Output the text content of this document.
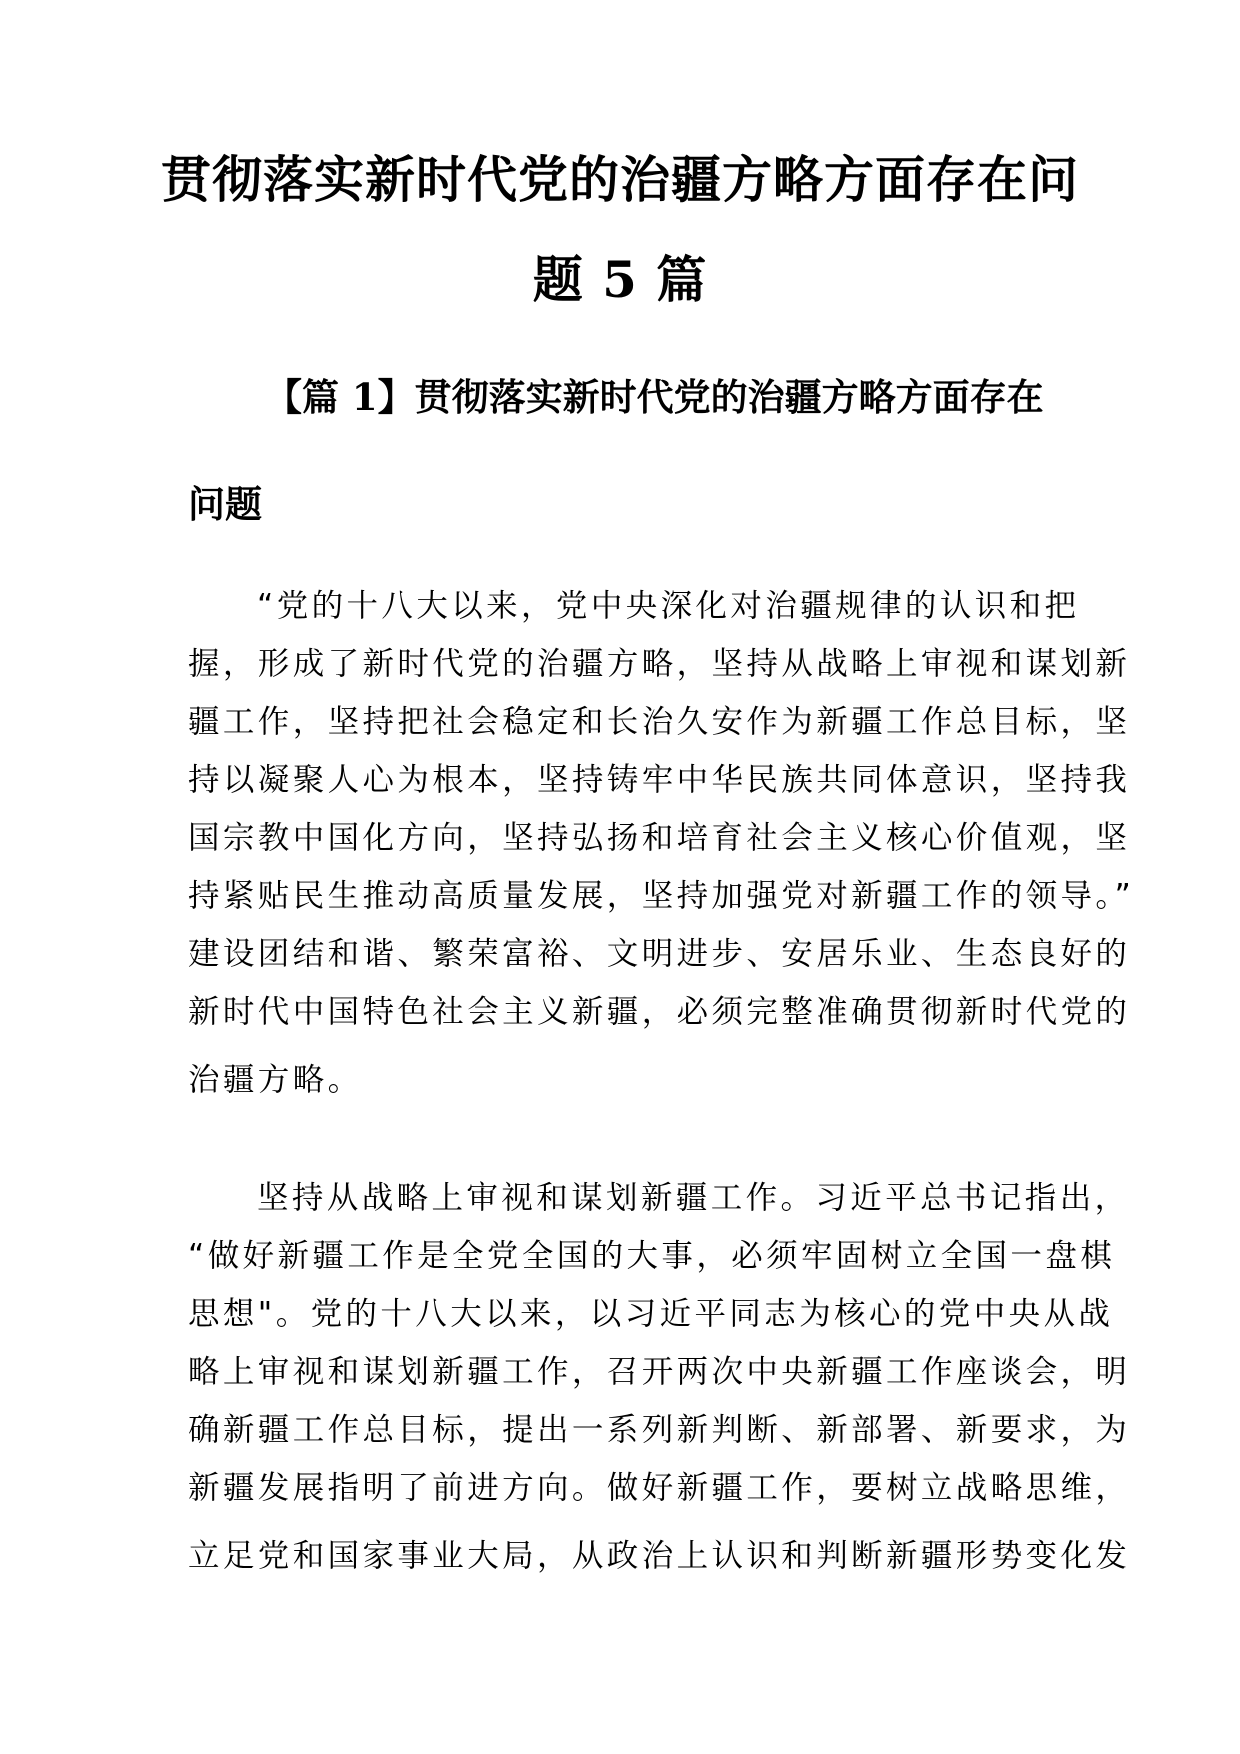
贯彻落实新时代党的治疆方略方面存在问
题 5 篇
【篇 1】贯彻落实新时代党的治疆方略方面存在
问题
“党的十八大以来，党中央深化对治疆规律的认识和把
握，形成了新时代党的治疆方略，坚持从战略上审视和谋划新
疆工作，坚持把社会稳定和长治久安作为新疆工作总目标，坚
持以凝聚人心为根本，坚持铸牢中华民族共同体意识，坚持我
国宗教中国化方向，坚持弘扬和培育社会主义核心价值观，坚
持紧贴民生推动高质量发展，坚持加强党对新疆工作的领导。”
建设团结和谐、繁荣富裕、文明进步、安居乐业、生态良好的
新时代中国特色社会主义新疆，必须完整准确贯彻新时代党的
治疆方略。
坚持从战略上审视和谋划新疆工作。习近平总书记指出，
“做好新疆工作是全党全国的大事，必须牢固树立全国一盘棋
思想"。党的十八大以来，以习近平同志为核心的党中央从战
略上审视和谋划新疆工作，召开两次中央新疆工作座谈会，明
确新疆工作总目标，提出一系列新判断、新部署、新要求，为
新疆发展指明了前进方向。做好新疆工作，要树立战略思维，
立足党和国家事业大局，从政治上认识和判断新疆形势变化发
